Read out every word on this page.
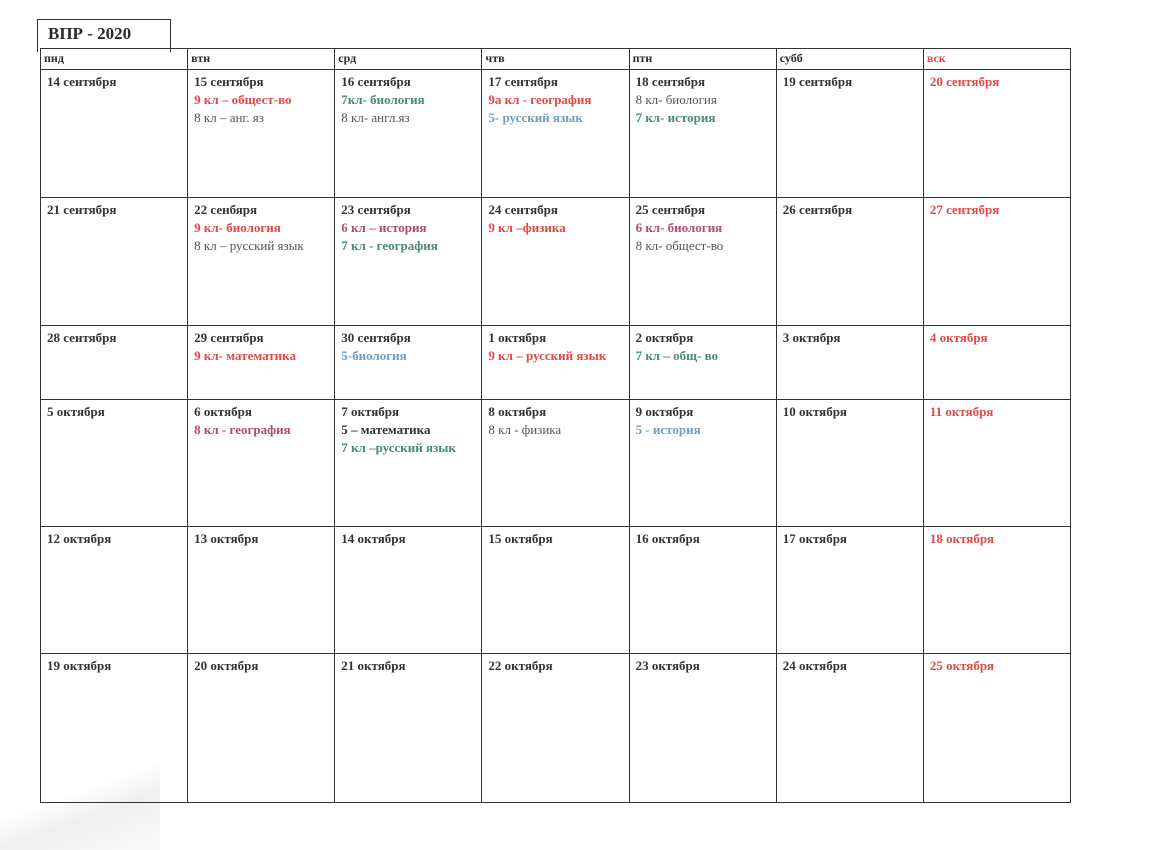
ВПР - 2020
пнд	втн	срд	чтв	птн	субб	вск
14 сентября	15 сентября
9 кл – общест-во
8 кл – анг. яз	16 сентября
7кл- биология
8 кл- англ.яз	17 сентября
9а кл - география
5- русский язык	18 сентября
8 кл- биология
7 кл- история	19 сентября	20 сентября
21 сентября	22 сенбяря
9 кл- биология
8 кл – русский язык	23 сентября
6 кл – история
7 кл - география	24 сентября
9 кл –физика	25 сентября
6 кл- биология
8 кл- общест-во	26 сентября	27 сентября
28 сентября	29 сентября
9 кл- математика	30 сентября
5-биология	1 октября
9 кл – русский язык	2 октября
7 кл – общ- во	3 октября	4 октября
5 октября	6 октября
8 кл - география	7 октября
5 – математика
7 кл –русский язык	8 октября
8 кл - физика	9 октября
5 - история	10 октября	11 октября
12 октября	13 октября	14 октября	15 октября	16 октября	17 октября	18 октября
19 октября	20 октября	21 октября	22 октября	23 октября	24 октября	25 октября
